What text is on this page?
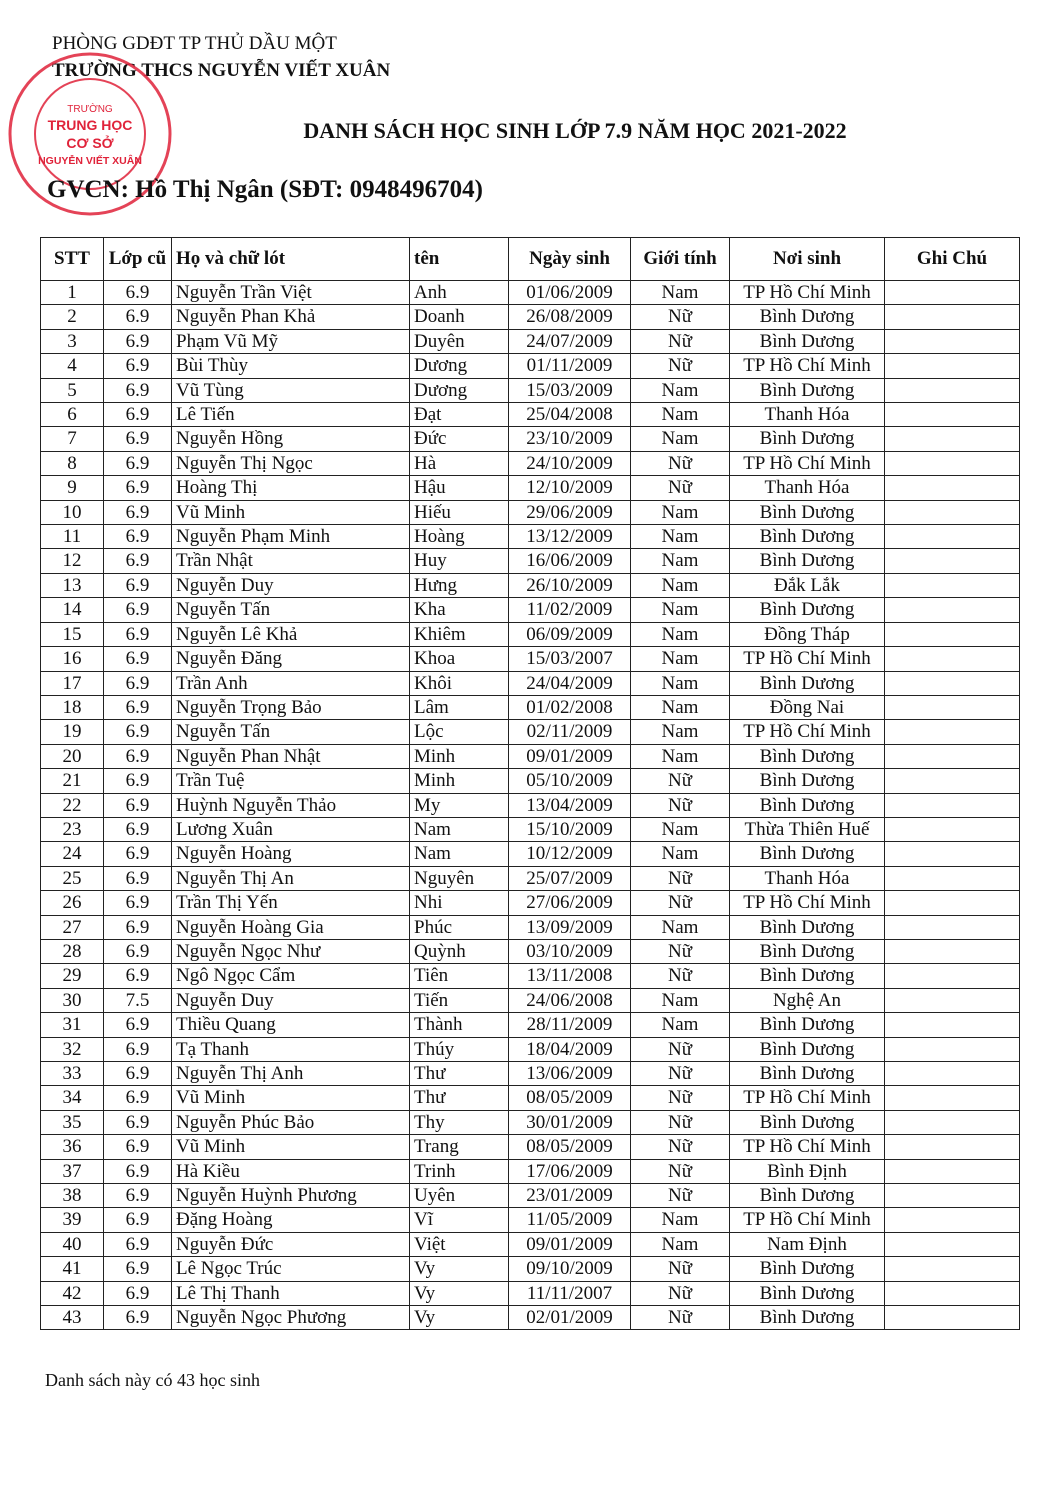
PHÒNG GDĐT TP THỦ DẦU MỘT
TRƯỜNG THCS NGUYỄN VIẾT XUÂN
TRƯỜNG
TRUNG HỌC
CƠ SỞ
NGUYỄN VIẾT XUÂN
DANH SÁCH HỌC SINH LỚP 7.9 NĂM HỌC 2021-2022
GVCN: Hồ Thị Ngân (SĐT: 0948496704)
STT	Lớp cũ	Họ và chữ lót	tên	Ngày sinh	Giới tính	Nơi sinh	Ghi Chú
1	6.9	Nguyễn Trần Việt	Anh	01/06/2009	Nam	TP Hồ Chí Minh	
2	6.9	Nguyễn Phan Khả	Doanh	26/08/2009	Nữ	Bình Dương	
3	6.9	Phạm Vũ Mỹ	Duyên	24/07/2009	Nữ	Bình Dương	
4	6.9	Bùi Thùy	Dương	01/11/2009	Nữ	TP Hồ Chí Minh	
5	6.9	Vũ Tùng	Dương	15/03/2009	Nam	Bình Dương	
6	6.9	Lê Tiến	Đạt	25/04/2008	Nam	Thanh Hóa	
7	6.9	Nguyễn Hồng	Đức	23/10/2009	Nam	Bình Dương	
8	6.9	Nguyễn Thị Ngọc	Hà	24/10/2009	Nữ	TP Hồ Chí Minh	
9	6.9	Hoàng Thị	Hậu	12/10/2009	Nữ	Thanh Hóa	
10	6.9	Vũ Minh	Hiếu	29/06/2009	Nam	Bình Dương	
11	6.9	Nguyễn Phạm Minh	Hoàng	13/12/2009	Nam	Bình Dương	
12	6.9	Trần Nhật	Huy	16/06/2009	Nam	Bình Dương	
13	6.9	Nguyễn Duy	Hưng	26/10/2009	Nam	Đắk Lắk	
14	6.9	Nguyễn Tấn	Kha	11/02/2009	Nam	Bình Dương	
15	6.9	Nguyễn Lê Khả	Khiêm	06/09/2009	Nam	Đồng Tháp	
16	6.9	Nguyễn Đăng	Khoa	15/03/2007	Nam	TP Hồ Chí Minh	
17	6.9	Trần Anh	Khôi	24/04/2009	Nam	Bình Dương	
18	6.9	Nguyễn Trọng Bảo	Lâm	01/02/2008	Nam	Đồng Nai	
19	6.9	Nguyễn Tấn	Lộc	02/11/2009	Nam	TP Hồ Chí Minh	
20	6.9	Nguyễn Phan Nhật	Minh	09/01/2009	Nam	Bình Dương	
21	6.9	Trần Tuệ	Minh	05/10/2009	Nữ	Bình Dương	
22	6.9	Huỳnh Nguyễn Thảo	My	13/04/2009	Nữ	Bình Dương	
23	6.9	Lương Xuân	Nam	15/10/2009	Nam	Thừa Thiên Huế	
24	6.9	Nguyễn Hoàng	Nam	10/12/2009	Nam	Bình Dương	
25	6.9	Nguyễn Thị An	Nguyên	25/07/2009	Nữ	Thanh Hóa	
26	6.9	Trần Thị Yến	Nhi	27/06/2009	Nữ	TP Hồ Chí Minh	
27	6.9	Nguyễn Hoàng Gia	Phúc	13/09/2009	Nam	Bình Dương	
28	6.9	Nguyễn Ngọc Như	Quỳnh	03/10/2009	Nữ	Bình Dương	
29	6.9	Ngô Ngọc Cẩm	Tiên	13/11/2008	Nữ	Bình Dương	
30	7.5	Nguyễn Duy	Tiến	24/06/2008	Nam	Nghệ An	
31	6.9	Thiều Quang	Thành	28/11/2009	Nam	Bình Dương	
32	6.9	Tạ Thanh	Thúy	18/04/2009	Nữ	Bình Dương	
33	6.9	Nguyễn Thị Anh	Thư	13/06/2009	Nữ	Bình Dương	
34	6.9	Vũ Minh	Thư	08/05/2009	Nữ	TP Hồ Chí Minh	
35	6.9	Nguyễn Phúc Bảo	Thy	30/01/2009	Nữ	Bình Dương	
36	6.9	Vũ Minh	Trang	08/05/2009	Nữ	TP Hồ Chí Minh	
37	6.9	Hà Kiều	Trinh	17/06/2009	Nữ	Bình Định	
38	6.9	Nguyễn Huỳnh Phương	Uyên	23/01/2009	Nữ	Bình Dương	
39	6.9	Đặng Hoàng	Vĩ	11/05/2009	Nam	TP Hồ Chí Minh	
40	6.9	Nguyễn Đức	Việt	09/01/2009	Nam	Nam Định	
41	6.9	Lê Ngọc Trúc	Vy	09/10/2009	Nữ	Bình Dương	
42	6.9	Lê Thị Thanh	Vy	11/11/2007	Nữ	Bình Dương	
43	6.9	Nguyễn Ngọc Phương	Vy	02/01/2009	Nữ	Bình Dương	
Danh sách này có 43 học sinh
